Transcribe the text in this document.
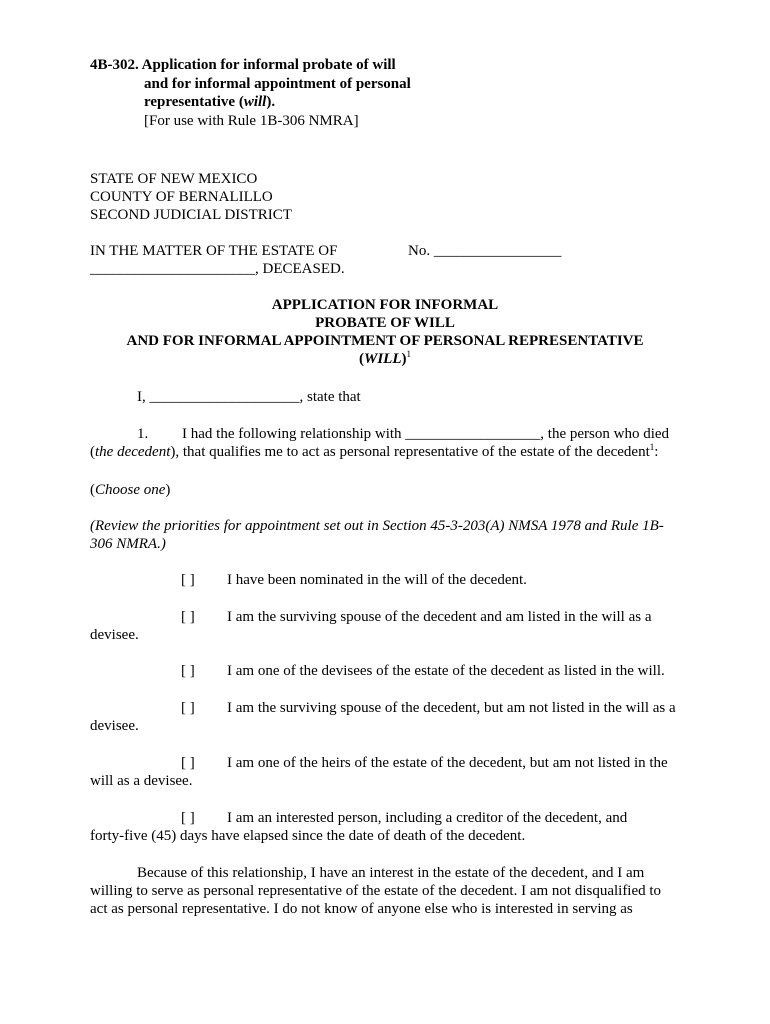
4B-302. Application for informal probate of will
and for informal appointment of personal
representative (will).
[For use with Rule 1B-306 NMRA]
STATE OF NEW MEXICO
COUNTY OF BERNALILLO
SECOND JUDICIAL DISTRICT
IN THE MATTER OF THE ESTATE OF
______________________, DECEASED.
No. _________________
APPLICATION FOR INFORMAL
PROBATE OF WILL
AND FOR INFORMAL APPOINTMENT OF PERSONAL REPRESENTATIVE
(WILL)$^1$
I, ____________________, state that
1. I had the following relationship with __________________, the person who died
(the decedent), that qualifies me to act as personal representative of the estate of the decedent$^1$:
(Choose one)
(Review the priorities for appointment set out in Section 45-3-203(A) NMSA 1978 and Rule 1B-
306 NMRA.)
[ ] I have been nominated in the will of the decedent.
[ ] I am the surviving spouse of the decedent and am listed in the will as a
devisee.
[ ] I am one of the devisees of the estate of the decedent as listed in the will.
[ ] I am the surviving spouse of the decedent, but am not listed in the will as a
devisee.
[ ] I am one of the heirs of the estate of the decedent, but am not listed in the
will as a devisee.
[ ] I am an interested person, including a creditor of the decedent, and
forty-five (45) days have elapsed since the date of death of the decedent.
Because of this relationship, I have an interest in the estate of the decedent, and I am
willing to serve as personal representative of the estate of the decedent. I am not disqualified to
act as personal representative. I do not know of anyone else who is interested in serving as
